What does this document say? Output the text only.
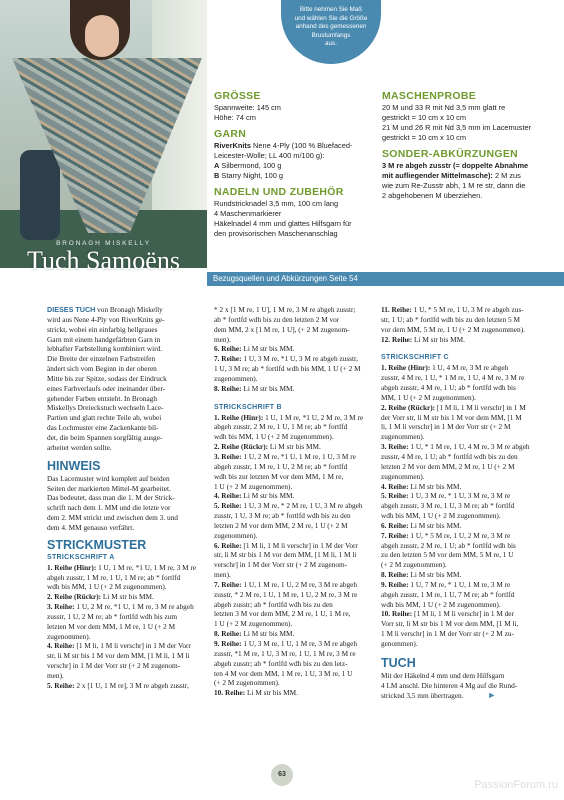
BRONAGH MISKELLY
Tuch Samoëns
Bitte nehmen Sie Maß
und wählen Sie die Größe
anhand des gemessenen
Brustumfangs
aus.
GRÖSSE
Spannweite: 145 cm
Höhe: 74 cm
GARN
RiverKnits Nene 4-Ply (100 % Bluefaced-
Leicester-Wolle; LL 400 m/100 g):
A Silbermond, 100 g
B Starry Night, 100 g
NADELN UND ZUBEHÖR
Rundstricknadel 3,5 mm, 100 cm lang
4 Maschenmarkierer
Häkelnadel 4 mm und glattes Hilfsgarn für
den provisorischen Maschenanschlag
MASCHENPROBE
20 M und 33 R mit Nd 3,5 mm glatt re
gestrickt = 10 cm x 10 cm
21 M und 26 R mit Nd 3,5 mm im Lacemuster
gestrickt = 10 cm x 10 cm
SONDER-ABKÜRZUNGEN
3 M re abgeh zusstr (= doppelte Abnahme
mit aufliegender Mittelmasche): 2 M zus
wie zum Re-Zusstr abh, 1 M re str, dann die
2 abgehobenen M überziehen.
Bezugsquellen und Abkürzungen Seite 54

DIESES TUCH von Bronagh Miskelly
wird aus Nene 4-Ply von RiverKnits ge-
strickt, wobei ein einfarbig hellgraues
Garn mit einem handgefärbten Garn in
lebhafter Farbstellung kombiniert wird.
Die Breite der einzelnen Farbstreifen
ändert sich vom Beginn in der oberen
Mitte bis zur Spitze, sodass der Eindruck
eines Farbverlaufs oder ineinander über-
gehender Farben entsteht. In Bronagh
Miskellys Dreieckstuch wechseln Lace-
Partien und glatt rechte Teile ab, wobei
das Lochmuster eine Zackenkante bil-
det, die beim Spannen sorgfältig ausge-
arbeitet werden sollte.

HINWEIS

Das Lacemuster wird komplett auf beiden
Seiten der markierten Mittel-M gearbeitet.
Das bedeutet, dass man die 1. M der Strick-
schrift nach dem 1. MM und die letzte vor
dem 2. MM strickt und zwischen dem 3. und
dem 4. MM genauso verfährt.

STRICKMUSTER
STRICKSCHRIFT A

1. Reihe (Hinr): 1 U, 1 M re, *1 U, 1 M re, 3 M re
abgeh zusstr, 1 M re, 1 U, 1 M re; ab * fortlfd
wdh bis MM, 1 U (+ 2 M zugenommen).

2. Reihe (Rückr): Li M str bis MM.

3. Reihe: 1 U, 2 M re, *1 U, 1 M re, 3 M re abgeh
zusstr, 1 U, 2 M re; ab * fortlfd wdh bis zum
letzten M vor dem MM, 1 M re, 1 U (+ 2 M
zugenommen).

4. Reihe: [1 M li, 1 M li verschr] in 1 M der Vorr
str, li M str bis 1 M vor dem MM, [1 M li, 1 M li
verschr] in 1 M der Vorr str (+ 2 M zugenom-
men).

5. Reihe: 2 x [1 U, 1 M re], 3 M re abgeh zusstr,

* 2 x [1 M re, 1 U], 1 M re, 3 M re abgeh zusstr;
ab * fortlfd wdh bis zu den letzten 2 M vor
dem MM, 2 x [1 M re, 1 U], (+ 2 M zugenom-
men).

6. Reihe: Li M str bis MM.

7. Reihe: 1 U, 3 M re, *1 U, 3 M re abgeh zusstr,
1 U, 3 M re; ab * fortlfd wdh bis MM, 1 U (+ 2 M
zugenommen).

8. Reihe: Li M str bis MM.

STRICKSCHRIFT B

1. Reihe (Hinr): 1 U, 1 M re, *1 U, 2 M re, 3 M re
abgeh zusstr, 2 M re, 1 U, 1 M re; ab * fortlfd
wdh bis MM, 1 U (+ 2 M zugenommen).

2. Reihe (Rückr): Li M str bis MM.

3. Reihe: 1 U, 2 M re, *1 U, 1 M re, 1 U, 3 M re
abgeh zusstr, 1 M re, 1 U, 2 M re; ab * fortlfd
wdh bis zur letzten M vor dem MM, 1 M re,
1 U (+ 2 M zugenommen).

4. Reihe: Li M str bis MM.

5. Reihe: 1 U, 3 M re, * 2 M re, 1 U, 3 M re abgeh
zusstr, 1 U, 3 M re; ab * fortlfd wdh bis zu den
letzten 2 M vor dem MM, 2 M re, 1 U (+ 2 M
zugenommen).

6. Reihe: [1 M li, 1 M li verschr] in 1 M der Vorr
str, li M str bis 1 M vor dem MM, [1 M li, 1 M li
verschr] in 1 M der Vorr str (+ 2 M zugenom-
men).

7. Reihe: 1 U, 1 M re, 1 U, 2 M re, 3 M re abgeh
zusstr, * 2 M re, 1 U, 1 M re, 1 U, 2 M re, 3 M re
abgeh zusstr; ab * fortlfd wdh bis zu den
letzten 3 M vor dem MM, 2 M re, 1 U, 1 M re,
1 U (+ 2 M zugenommen).

8. Reihe: Li M str bis MM.

9. Reihe: 1 U, 3 M re, 1 U, 1 M re, 3 M re abgeh
zusstr, *1 M re, 1 U, 3 M re, 1 U, 1 M re, 3 M re
abgeh zusstr; ab * fortlfd wdh bis zu den letz-
ten 4 M vor dem MM, 1 M re, 1 U, 3 M re, 1 U
(+ 2 M zugenommen).

10. Reihe: Li M str bis MM.

11. Reihe: 1 U, * 5 M re, 1 U, 3 M re abgeh zus-
str, 1 U; ab * fortlfd wdh bis zu den letzten 5 M
vor dem MM, 5 M re, 1 U (+ 2 M zugenommen).

12. Reihe: Li M str bis MM.

STRICKSCHRIFT C

1. Reihe (Hinr): 1 U, 4 M re, 3 M re abgeh
zusstr, 4 M re, 1 U, * 1 M re, 1 U, 4 M re, 3 M re
abgeh zusstr, 4 M re, 1 U; ab * fortlfd wdh bis
MM, 1 U (+ 2 M zugenommen).

2. Reihe (Rückr): [1 M li, 1 M li verschr] in 1 M
der Vorr str, li M str bis 1 M vor dem MM, [1 M
li, 1 M li verschr] in 1 M der Vorr str (+ 2 M
zugenommen).

3. Reihe: 1 U, * 1 M re, 1 U, 4 M re, 3 M re abgeh
zusstr, 4 M re, 1 U; ab * fortlfd wdh bis zu den
letzten 2 M vor dem MM, 2 M re, 1 U (+ 2 M
zugenommen).

4. Reihe: Li M str bis MM.

5. Reihe: 1 U, 3 M re, * 1 U, 3 M re, 3 M re
abgeh zusstr, 3 M re, 1 U, 3 M re; ab * fortlfd
wdh bis MM, 1 U (+ 2 M zugenommen).

6. Reihe: Li M str bis MM.

7. Reihe: 1 U, * 5 M re, 1 U, 2 M re, 3 M re
abgeh zusstr, 2 M re, 1 U; ab * fortlfd wdh bis
zu den letzten 5 M vor dem MM, 5 M re, 1 U
(+ 2 M zugenommen).

8. Reihe: Li M str bis MM.

9. Reihe: 1 U, 7 M re, * 1 U, 1 M re, 3 M re
abgeh zusstr, 1 M re, 1 U, 7 M re; ab * fortlfd
wdh bis MM, 1 U (+ 2 M zugenommen).

10. Reihe: [1 M li, 1 M li verschr] in 1 M der
Vorr str, li M str bis 1 M vor dem MM, [1 M li,
1 M li verschr] in 1 M der Vorr str (+ 2 M zu-
genommen).

TUCH

Mit der Häkelnd 4 mm und dem Hilfsgarn
4 LM anschl. Die hinteren 4 Mg auf die Rund-
stricknd 3,5 mm übertragen.	►

63
PassionForum.ru
